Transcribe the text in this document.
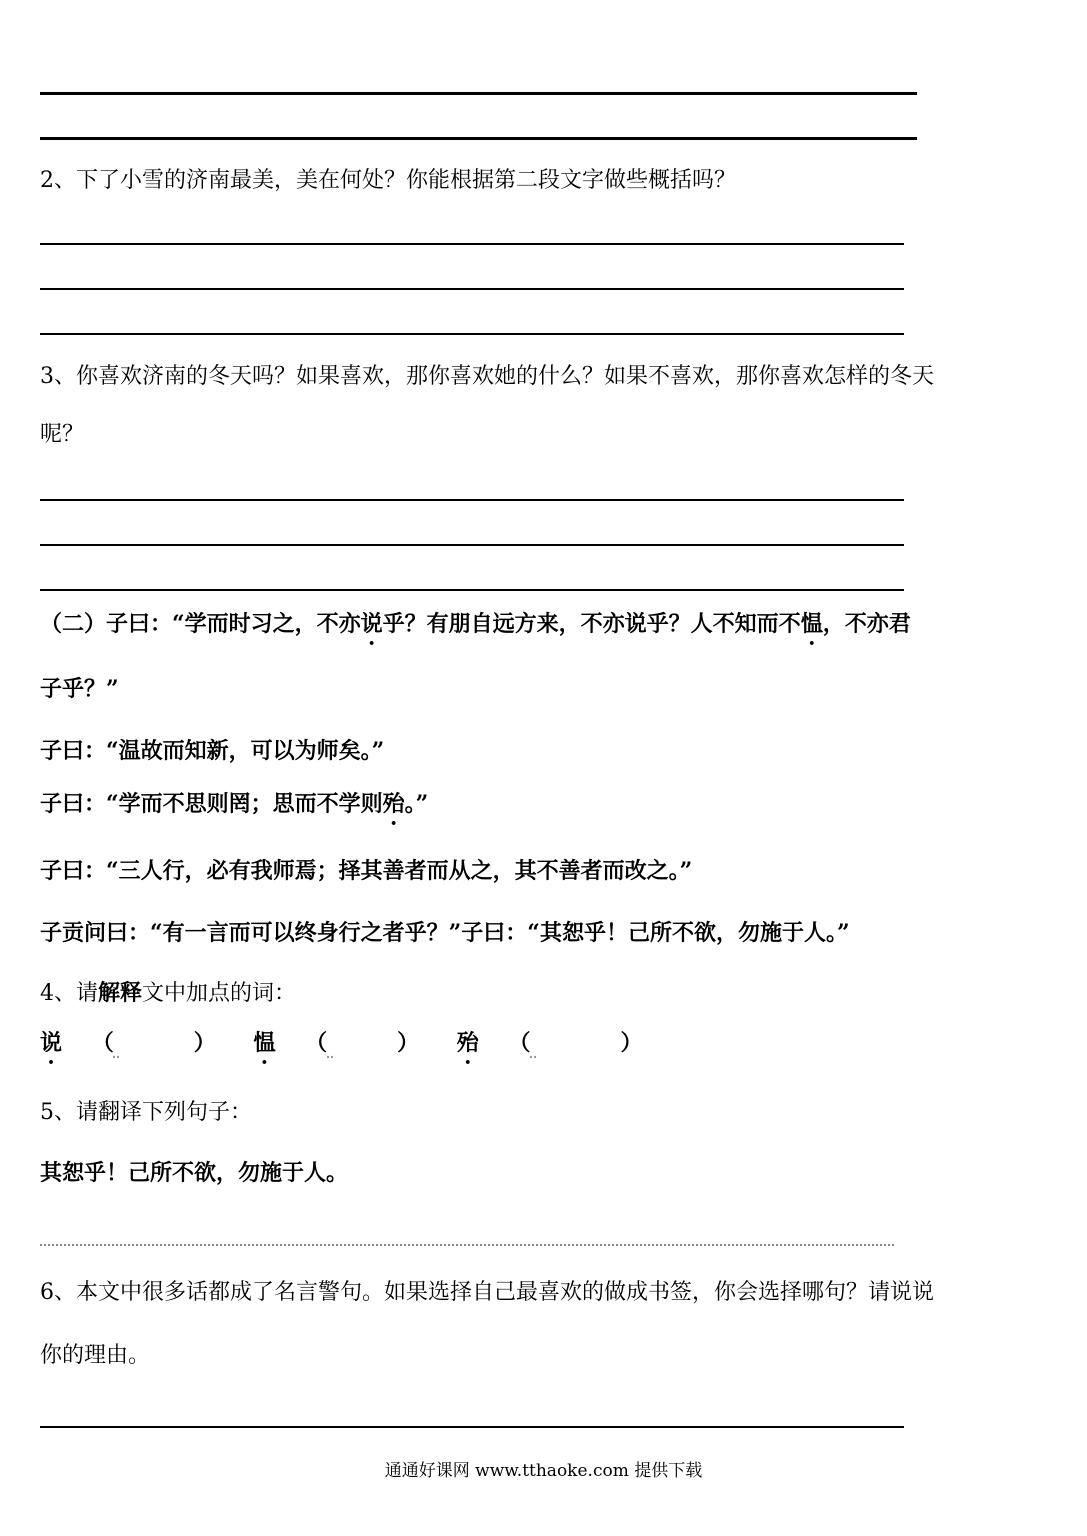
2、下了小雪的济南最美，美在何处？你能根据第二段文字做些概括吗？
3、你喜欢济南的冬天吗？如果喜欢，那你喜欢她的什么？如果不喜欢，那你喜欢怎样的冬天
呢？
（二）子曰：“学而时习之，不亦说乎？有朋自远方来，不亦说乎？人不知而不愠，不亦君
子乎？”
子曰：“温故而知新，可以为师矣。”
子曰：“学而不思则罔；思而不学则殆。”
子曰：“三人行，必有我师焉；择其善者而从之，其不善者而改之。”
子贡问曰：“有一言而可以终身行之者乎？”子曰：“其恕乎！己所不欲，勿施于人。”
4、请解释文中加点的词：
说 （	） 愠 （	） 殆 （	）
5、请翻译下列句子：
其恕乎！己所不欲，勿施于人。
6、本文中很多话都成了名言警句。如果选择自己最喜欢的做成书签，你会选择哪句？请说说
你的理由。
通通好课网 www.tthaoke.com 提供下载
